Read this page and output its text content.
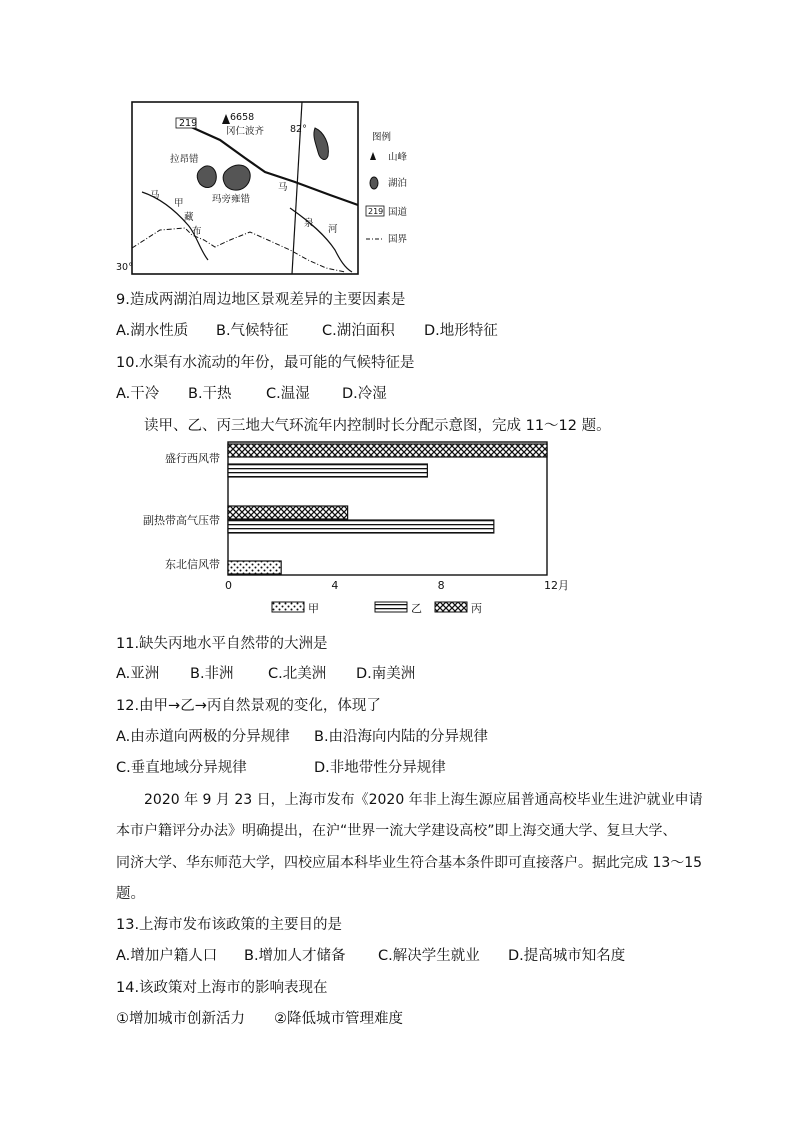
219
6658
冈仁波齐	82°
拉昂错
玛旁雍错
马
甲
藏
布
马
泉
河
30°
图例
山峰
湖泊
219 国道
国界
9.造成两湖泊周边地区景观差异的主要因素是
A.湖水性质 B.气候特征 C.湖泊面积 D.地形特征
10.水渠有水流动的年份，最可能的气候特征是
A.干冷 B.干热 C.温湿 D.冷湿
读甲、乙、丙三地大气环流年内控制时长分配示意图，完成 11～12 题。
盛行西风带
副热带高气压带
东北信风带
0	4	8	12月
甲	乙	丙
11.缺失丙地水平自然带的大洲是
A.亚洲 B.非洲 C.北美洲 D.南美洲
12.由甲→乙→丙自然景观的变化，体现了
A.由赤道向两极的分异规律 B.由沿海向内陆的分异规律
C.垂直地域分异规律	D.非地带性分异规律
2020 年 9 月 23 日，上海市发布《2020 年非上海生源应届普通高校毕业生进沪就业申请
本市户籍评分办法》明确提出，在沪“世界一流大学建设高校”即上海交通大学、复旦大学、
同济大学、华东师范大学，四校应届本科毕业生符合基本条件即可直接落户。据此完成 13～15
题。
13.上海市发布该政策的主要目的是
A.增加户籍人口 B.增加人才储备 C.解决学生就业 D.提高城市知名度
14.该政策对上海市的影响表现在
①增加城市创新活力 ②降低城市管理难度
